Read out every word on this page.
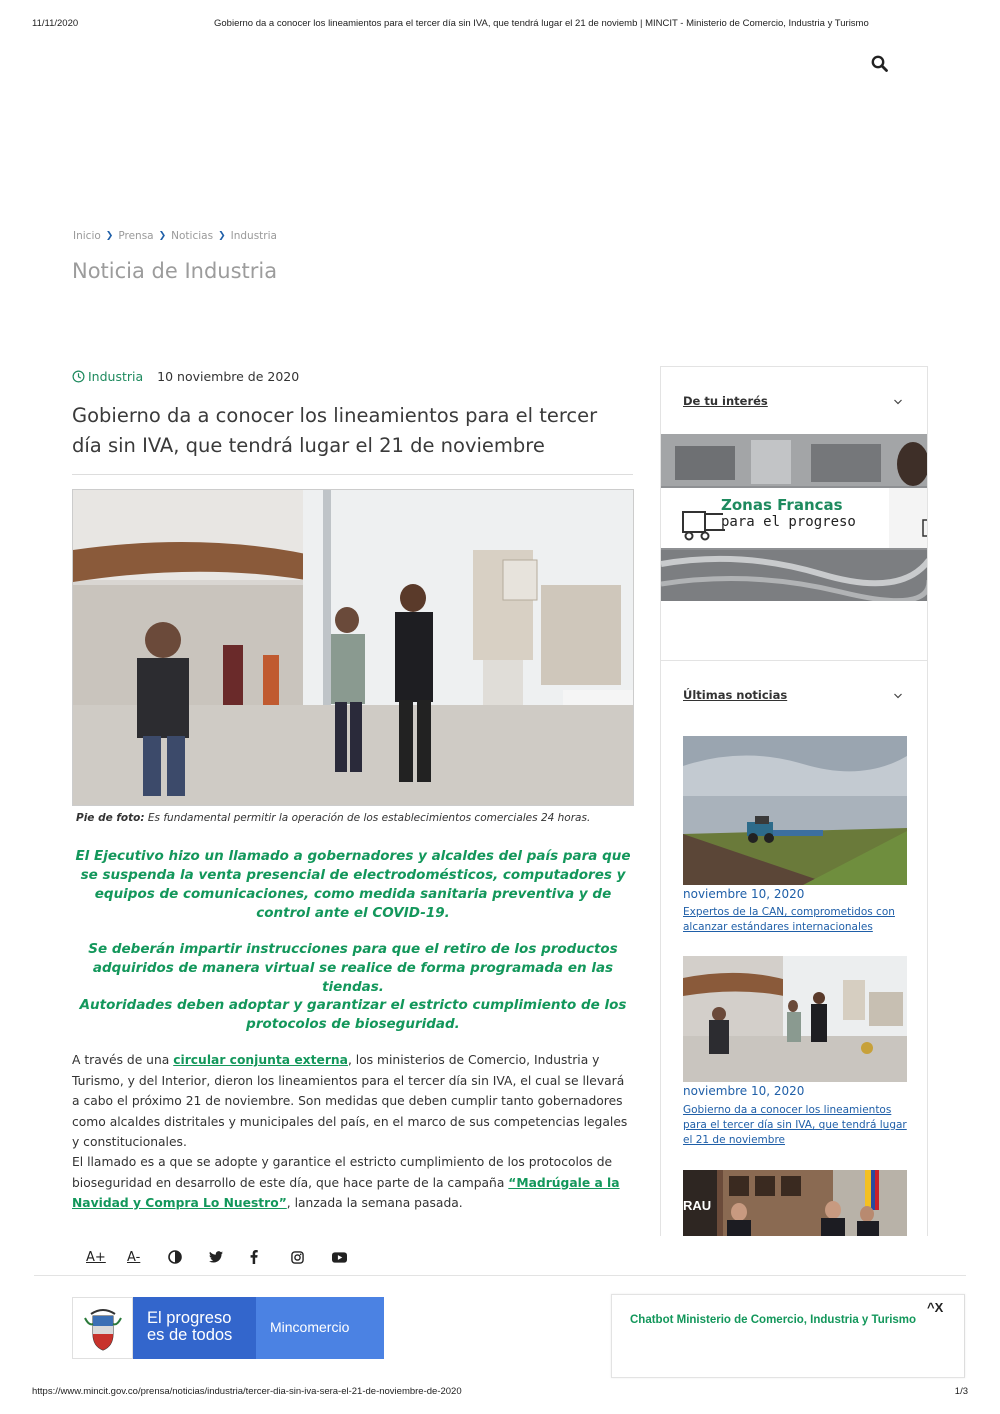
11/11/2020	Gobierno da a conocer los lineamientos para el tercer día sin IVA, que tendrá lugar el 21 de noviemb | MINCIT - Ministerio de Comercio, Industria y Turismo
Inicio ❯ Prensa ❯ Noticias ❯ Industria
Noticia de Industria
Industria 10 noviembre de 2020
Gobierno da a conocer los lineamientos para el tercer día sin IVA, que tendrá lugar el 21 de noviembre
Pie de foto: Es fundamental permitir la operación de los establecimientos comerciales 24 horas.

El Ejecutivo hizo un llamado a gobernadores y alcaldes del país para que se suspenda la venta presencial de electrodomésticos, computadores y equipos de comunicaciones, como medida sanitaria preventiva y de control ante el COVID-19.

Se deberán impartir instrucciones para que el retiro de los productos adquiridos de manera virtual se realice de forma programada en las tiendas.

Autoridades deben adoptar y garantizar el estricto cumplimiento de los protocolos de bioseguridad.

A través de una circular conjunta externa, los ministerios de Comercio, Industria y Turismo, y del Interior, dieron los lineamientos para el tercer día sin IVA, el cual se llevará a cabo el próximo 21 de noviembre. Son medidas que deben cumplir tanto gobernadores como alcaldes distritales y municipales del país, en el marco de sus competencias legales y constitucionales.

El llamado es a que se adopte y garantice el estricto cumplimiento de los protocolos de bioseguridad en desarrollo de este día, que hace parte de la campaña “Madrúgale a la Navidad y Compra Lo Nuestro”, lanzada la semana pasada.

A+	A-
De tu interés
Zonas Francas
para el progreso
Últimas noticias
noviembre 10, 2020
Expertos de la CAN, comprometidos con alcanzar estándares internacionales
noviembre 10, 2020
Gobierno da a conocer los lineamientos para el tercer día sin IVA, que tendrá lugar el 21 de noviembre
RAU
El progreso
es de todos	Mincomercio
^X
Chatbot Ministerio de Comercio, Industria y Turismo
https://www.mincit.gov.co/prensa/noticias/industria/tercer-dia-sin-iva-sera-el-21-de-noviembre-de-2020	1/3
